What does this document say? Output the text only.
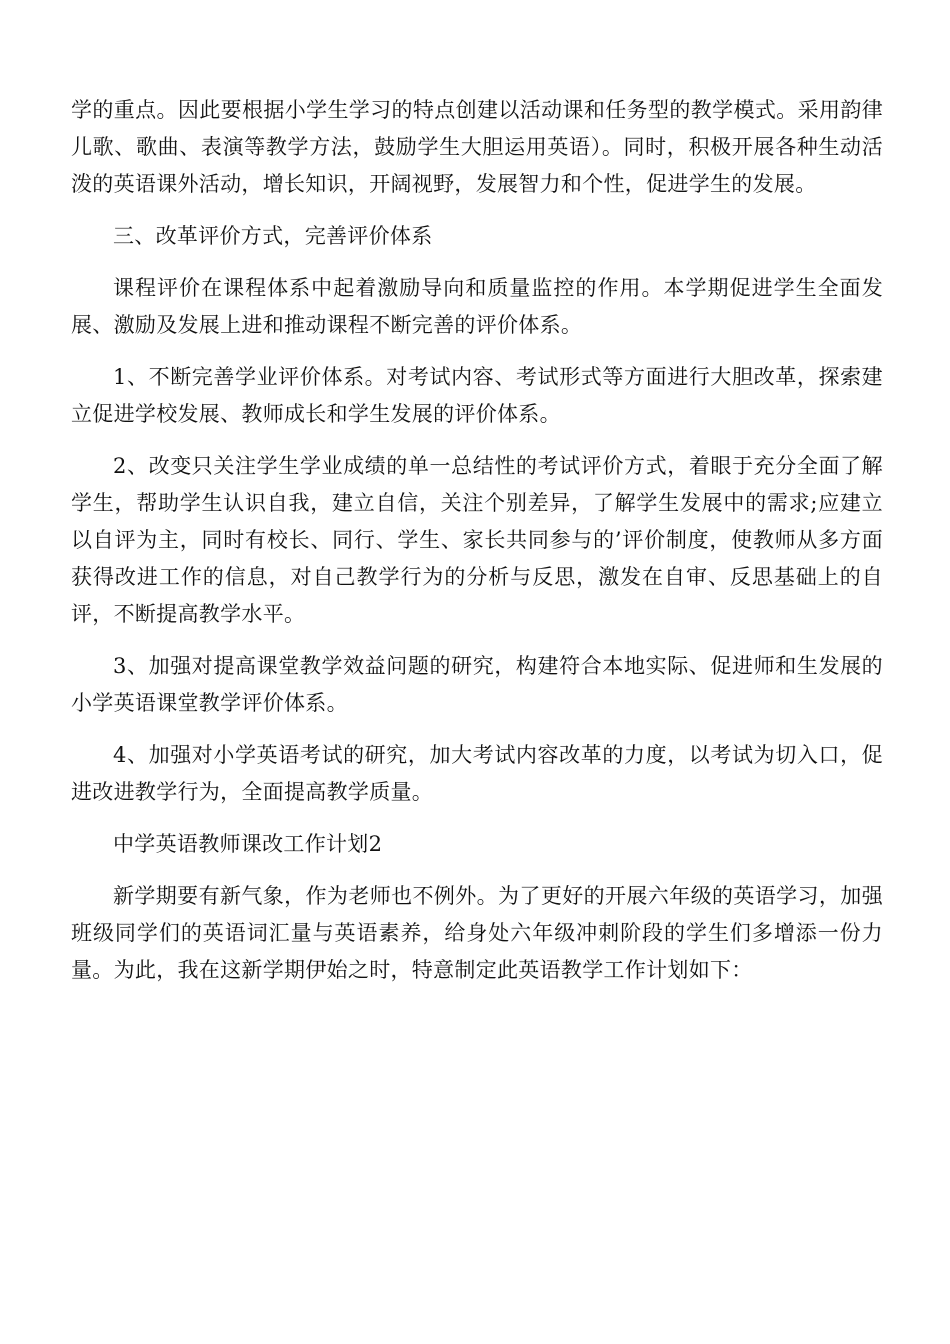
学的重点。因此要根据小学生学习的特点创建以活动课和任务型的教学模式。采用韵律儿歌、歌曲、表演等教学方法，鼓励学生大胆运用英语）。同时，积极开展各种生动活泼的英语课外活动，增长知识，开阔视野，发展智力和个性，促进学生的发展。

三、改革评价方式，完善评价体系

课程评价在课程体系中起着激励导向和质量监控的作用。本学期促进学生全面发展、激励及发展上进和推动课程不断完善的评价体系。

1、不断完善学业评价体系。对考试内容、考试形式等方面进行大胆改革，探索建立促进学校发展、教师成长和学生发展的评价体系。

2、改变只关注学生学业成绩的单一总结性的考试评价方式，着眼于充分全面了解学生，帮助学生认识自我，建立自信，关注个别差异，了解学生发展中的需求;应建立以自评为主，同时有校长、同行、学生、家长共同参与的’评价制度，使教师从多方面获得改进工作的信息，对自己教学行为的分析与反思，激发在自审、反思基础上的自评，不断提高教学水平。

3、加强对提高课堂教学效益问题的研究，构建符合本地实际、促进师和生发展的小学英语课堂教学评价体系。

4、加强对小学英语考试的研究，加大考试内容改革的力度，以考试为切入口，促进改进教学行为，全面提高教学质量。

中学英语教师课改工作计划2

新学期要有新气象，作为老师也不例外。为了更好的开展六年级的英语学习，加强班级同学们的英语词汇量与英语素养，给身处六年级冲刺阶段的学生们多增添一份力量。为此，我在这新学期伊始之时，特意制定此英语教学工作计划如下：
